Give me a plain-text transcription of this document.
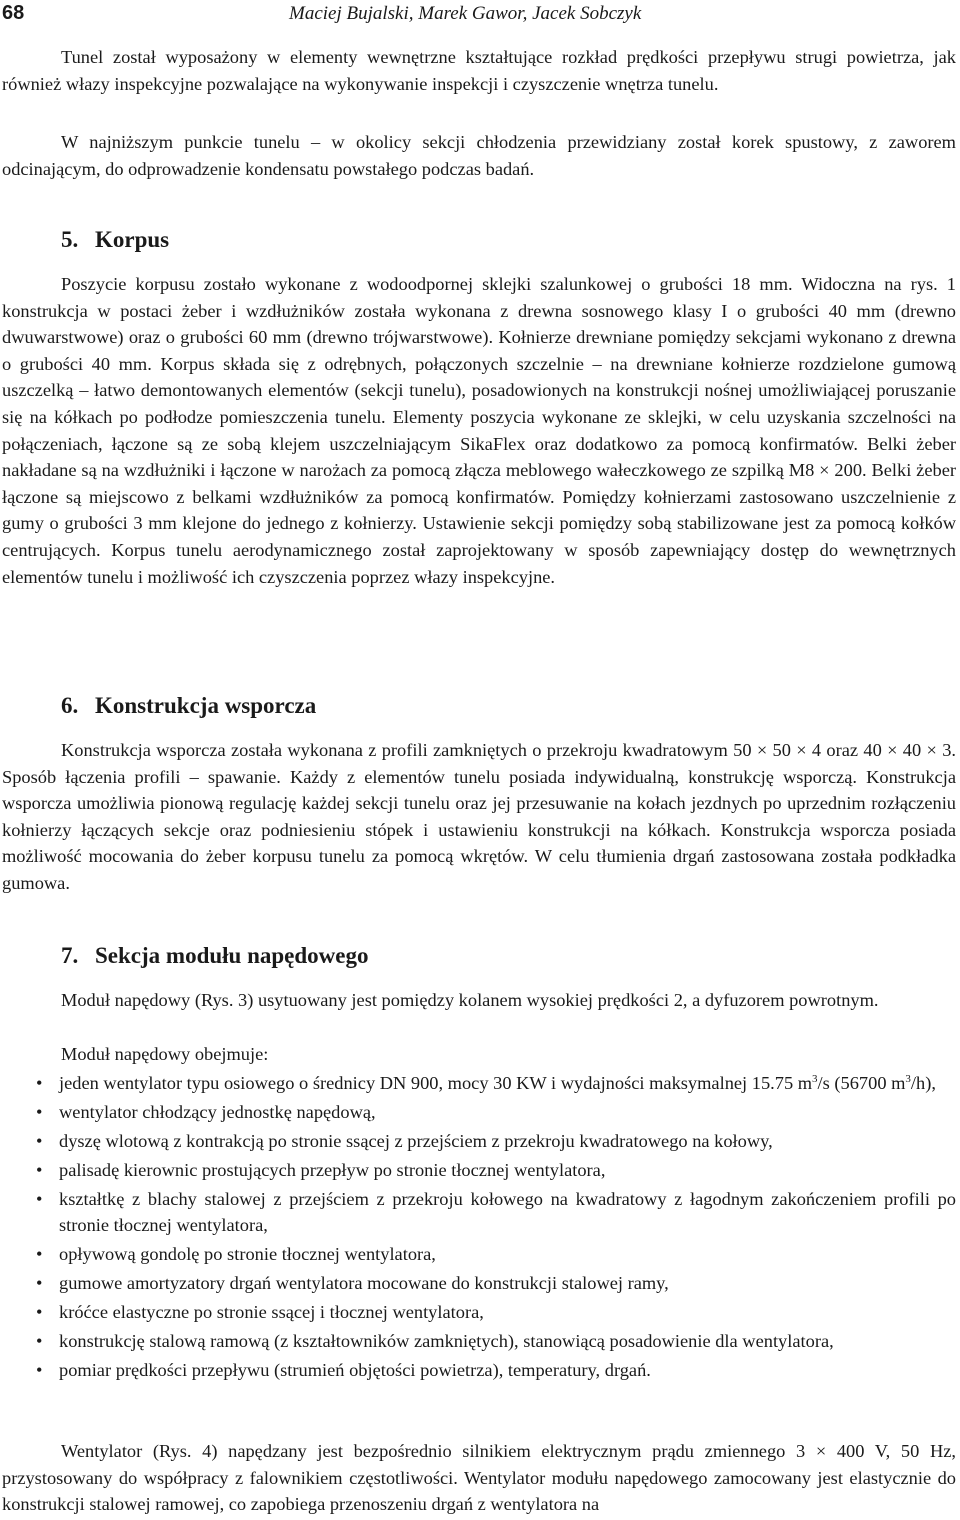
68	Maciej Bujalski, Marek Gawor, Jacek Sobczyk

Tunel został wyposażony w elementy wewnętrzne kształtujące rozkład prędkości przepływu strugi powietrza, jak również włazy inspekcyjne pozwalające na wykonywanie inspekcji i czyszczenie wnętrza tunelu.

W najniższym punkcie tunelu – w okolicy sekcji chłodzenia przewidziany został korek spustowy, z zaworem odcinającym, do odprowadzenie kondensatu powstałego podczas badań.

5. Korpus

Poszycie korpusu zostało wykonane z wodoodpornej sklejki szalunkowej o grubości 18 mm. Widoczna na rys. 1 konstrukcja w postaci żeber i wzdłużników została wykonana z drewna sosnowego klasy I o grubości 40 mm (drewno dwuwarstwowe) oraz o grubości 60 mm (drewno trójwarstwowe). Kołnierze drewniane pomiędzy sekcjami wykonano z drewna o grubości 40 mm. Korpus składa się z odrębnych, połączonych szczelnie – na drewniane kołnierze rozdzielone gumową uszczelką – łatwo demontowanych elementów (sekcji tunelu), posadowionych na konstrukcji nośnej umożliwiającej poruszanie się na kółkach po podłodze pomieszczenia tunelu. Elementy poszycia wykonane ze sklejki, w celu uzyskania szczelności na połączeniach, łączone są ze sobą klejem uszczelniającym SikaFlex oraz dodatkowo za pomocą konfirmatów. Belki żeber nakładane są na wzdłużniki i łączone w narożach za pomocą złącza meblowego wałeczkowego ze szpilką M8 × 200. Belki żeber łączone są miejscowo z belkami wzdłużników za pomocą konfirmatów. Pomiędzy kołnierzami zastosowano uszczelnienie z gumy o grubości 3 mm klejone do jednego z kołnierzy. Ustawienie sekcji pomiędzy sobą stabilizowane jest za pomocą kołków centrujących. Korpus tunelu aerodynamicznego został zaprojektowany w sposób zapewniający dostęp do wewnętrznych elementów tunelu i możliwość ich czyszczenia poprzez włazy inspekcyjne.

6. Konstrukcja wsporcza

Konstrukcja wsporcza została wykonana z profili zamkniętych o przekroju kwadratowym 50 × 50 × 4 oraz 40 × 40 × 3. Sposób łączenia profili – spawanie. Każdy z elementów tunelu posiada indywidualną, konstrukcję wsporczą. Konstrukcja wsporcza umożliwia pionową regulację każdej sekcji tunelu oraz jej przesuwanie na kołach jezdnych po uprzednim rozłączeniu kołnierzy łączących sekcje oraz podniesieniu stópek i ustawieniu konstrukcji na kółkach. Konstrukcja wsporcza posiada możliwość mocowania do żeber korpusu tunelu za pomocą wkrętów. W celu tłumienia drgań zastosowana została podkładka gumowa.

7. Sekcja modułu napędowego

Moduł napędowy (Rys. 3) usytuowany jest pomiędzy kolanem wysokiej prędkości 2, a dyfuzorem powrotnym.

Moduł napędowy obejmuje:

• jeden wentylator typu osiowego o średnicy DN 900, mocy 30 KW i wydajności maksymalnej 15.75 $m^3/s$ (56700 $m^3/h$),
• wentylator chłodzący jednostkę napędową,
• dyszę wlotową z kontrakcją po stronie ssącej z przejściem z przekroju kwadratowego na kołowy,
• palisadę kierownic prostujących przepływ po stronie tłocznej wentylatora,
• kształtkę z blachy stalowej z przejściem z przekroju kołowego na kwadratowy z łagodnym zakończeniem profili po stronie tłocznej wentylatora,
• opływową gondolę po stronie tłocznej wentylatora,
• gumowe amortyzatory drgań wentylatora mocowane do konstrukcji stalowej ramy,
• króćce elastyczne po stronie ssącej i tłocznej wentylatora,
• konstrukcję stalową ramową (z kształtowników zamkniętych), stanowiącą posadowienie dla wentylatora,
• pomiar prędkości przepływu (strumień objętości powietrza), temperatury, drgań.

Wentylator (Rys. 4) napędzany jest bezpośrednio silnikiem elektrycznym prądu zmiennego 3 × 400 V, 50 Hz, przystosowany do współpracy z falownikiem częstotliwości. Wentylator modułu napędowego zamocowany jest elastycznie do konstrukcji stalowej ramowej, co zapobiega przenoszeniu drgań z wentylatora na
